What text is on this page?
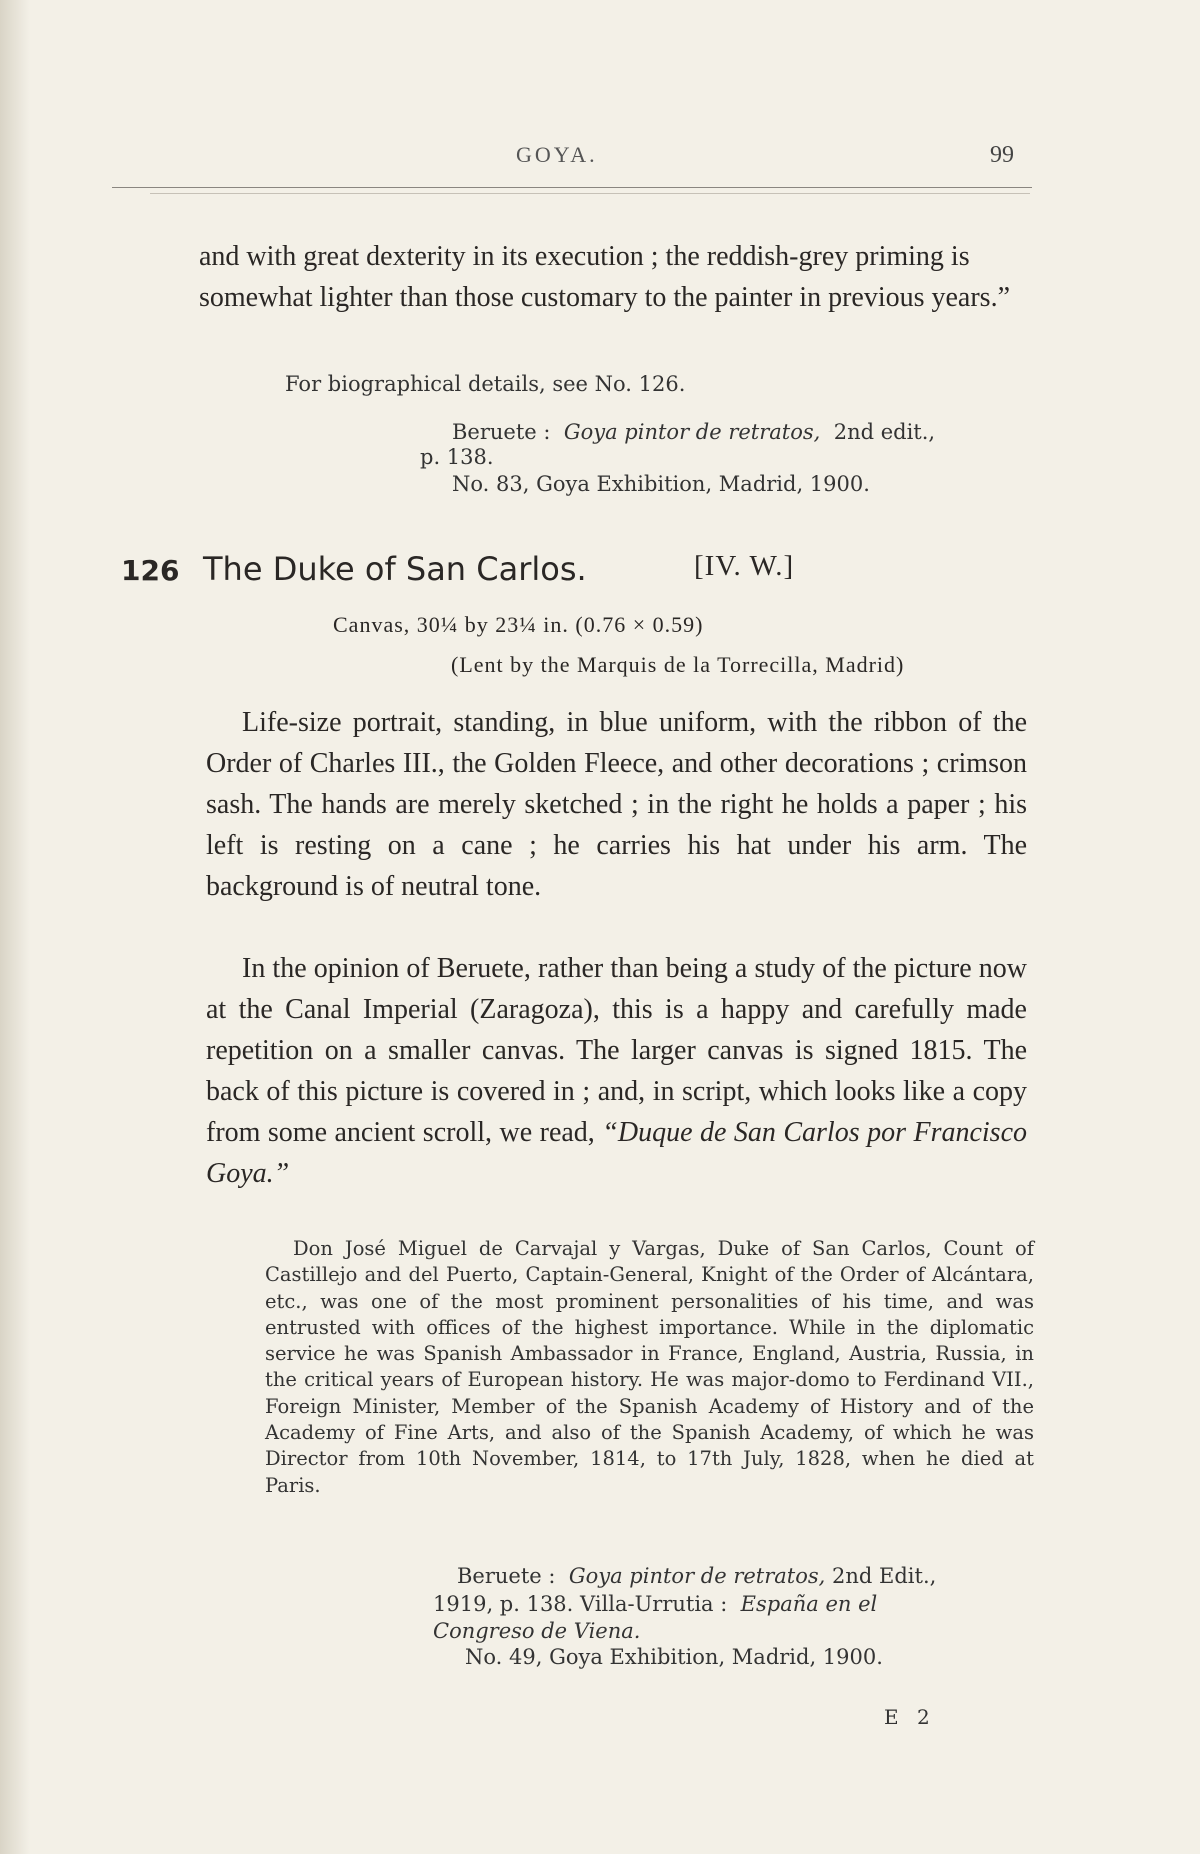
GOYA.	99
and with great dexterity in its execution ; the reddish-grey priming is somewhat lighter than those customary to the painter in previous years.”
For biographical details, see No. 126.
Beruete : Goya pintor de retratos, 2nd edit.,
p. 138.
No. 83, Goya Exhibition, Madrid, 1900.
126 The Duke of San Carlos.	[IV. W.]
Canvas, 30¼ by 23¼ in. (0.76 × 0.59)
(Lent by the Marquis de la Torrecilla, Madrid)
Life-size portrait, standing, in blue uniform, with the ribbon of the Order of Charles III., the Golden Fleece, and other decorations ; crimson sash. The hands are merely sketched ; in the right he holds a paper ; his left is resting on a cane ; he carries his hat under his arm. The background is of neutral tone.
In the opinion of Beruete, rather than being a study of the picture now at the Canal Imperial (Zaragoza), this is a happy and carefully made repetition on a smaller canvas. The larger canvas is signed 1815. The back of this picture is covered in ; and, in script, which looks like a copy from some ancient scroll, we read, “Duque de San Carlos por Francisco Goya.”
Don José Miguel de Carvajal y Vargas, Duke of San Carlos, Count of Castillejo and del Puerto, Captain-General, Knight of the Order of Alcántara, etc., was one of the most prominent personalities of his time, and was entrusted with offices of the highest importance. While in the diplomatic service he was Spanish Ambassador in France, England, Austria, Russia, in the critical years of European history. He was major-domo to Ferdinand VII., Foreign Minister, Member of the Spanish Academy of History and of the Academy of Fine Arts, and also of the Spanish Academy, of which he was Director from 10th November, 1814, to 17th July, 1828, when he died at Paris.
Beruete : Goya pintor de retratos, 2nd Edit.,
1919, p. 138. Villa-Urrutia : España en el
Congreso de Viena.
No. 49, Goya Exhibition, Madrid, 1900.
E 2
